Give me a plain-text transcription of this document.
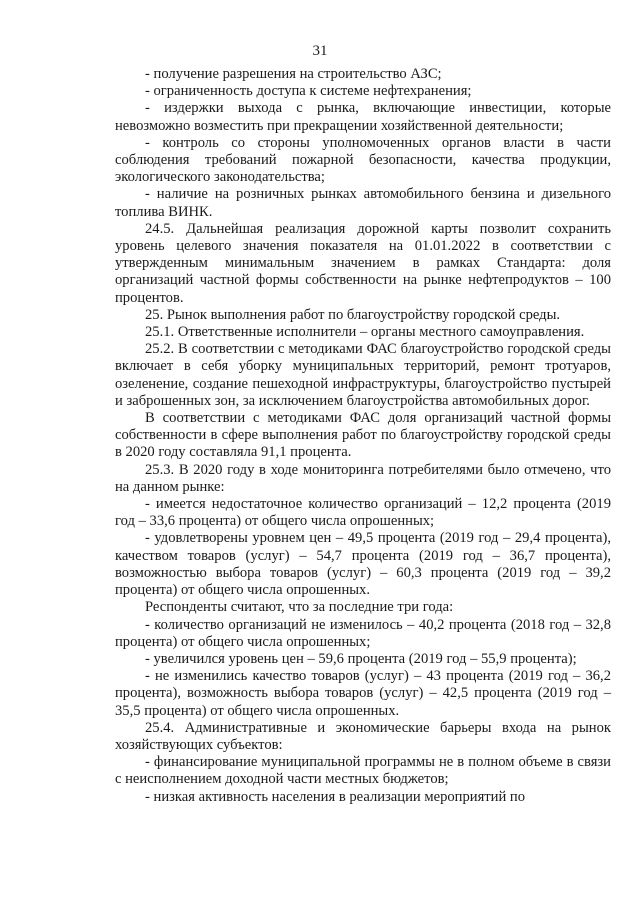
31

- получение разрешения на строительство АЗС;

- ограниченность доступа к системе нефтехранения;

- издержки выхода с рынка, включающие инвестиции, которые невозможно возместить при прекращении хозяйственной деятельности;

- контроль со стороны уполномоченных органов власти в части соблюдения требований пожарной безопасности, качества продукции, экологического законодательства;

- наличие на розничных рынках автомобильного бензина и дизельного топлива ВИНК.

24.5. Дальнейшая реализация дорожной карты позволит сохранить уровень целевого значения показателя на 01.01.2022 в соответствии с утвержденным минимальным значением в рамках Стандарта: доля организаций частной формы собственности на рынке нефтепродуктов – 100 процентов.

25. Рынок выполнения работ по благоустройству городской среды.

25.1. Ответственные исполнители – органы местного самоуправления.

25.2. В соответствии с методиками ФАС благоустройство городской среды включает в себя уборку муниципальных территорий, ремонт тротуаров, озеленение, создание пешеходной инфраструктуры, благоустройство пустырей и заброшенных зон, за исключением благоустройства автомобильных дорог.

В соответствии с методиками ФАС доля организаций частной формы собственности в сфере выполнения работ по благоустройству городской среды в 2020 году составляла 91,1 процента.

25.3. В 2020 году в ходе мониторинга потребителями было отмечено, что на данном рынке:

- имеется недостаточное количество организаций – 12,2 процента (2019 год – 33,6 процента) от общего числа опрошенных;

- удовлетворены уровнем цен – 49,5 процента (2019 год – 29,4 процента), качеством товаров (услуг) – 54,7 процента (2019 год – 36,7 процента), возможностью выбора товаров (услуг) – 60,3 процента (2019 год – 39,2 процента) от общего числа опрошенных.

Респонденты считают, что за последние три года:

- количество организаций не изменилось – 40,2 процента (2018 год – 32,8 процента) от общего числа опрошенных;

- увеличился уровень цен – 59,6 процента (2019 год – 55,9 процента);

- не изменились качество товаров (услуг) – 43 процента (2019 год – 36,2 процента), возможность выбора товаров (услуг) – 42,5 процента (2019 год – 35,5 процента) от общего числа опрошенных.

25.4. Административные и экономические барьеры входа на рынок хозяйствующих субъектов:

- финансирование муниципальной программы не в полном объеме в связи с неисполнением доходной части местных бюджетов;

- низкая активность населения в реализации мероприятий по
